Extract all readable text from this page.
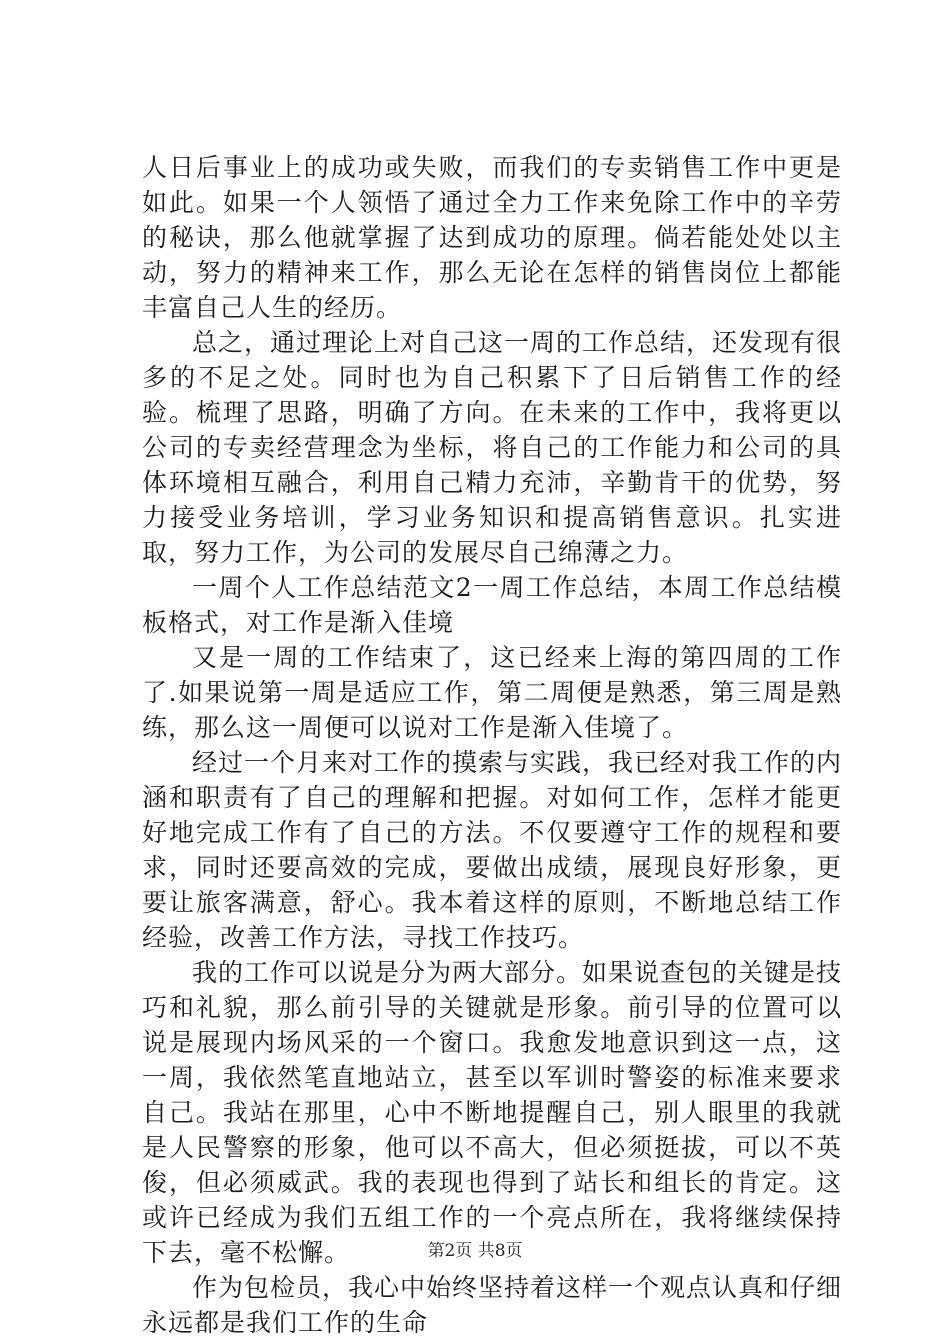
人日后事业上的成功或失败，而我们的专卖销售工作中更是如此。如果一个人领悟了通过全力工作来免除工作中的辛劳的秘诀，那么他就掌握了达到成功的原理。倘若能处处以主动，努力的精神来工作，那么无论在怎样的销售岗位上都能丰富自己人生的经历。

总之，通过理论上对自己这一周的工作总结，还发现有很多的不足之处。同时也为自己积累下了日后销售工作的经验。梳理了思路，明确了方向。在未来的工作中，我将更以公司的专卖经营理念为坐标，将自己的工作能力和公司的具体环境相互融合，利用自己精力充沛，辛勤肯干的优势，努力接受业务培训，学习业务知识和提高销售意识。扎实进取，努力工作，为公司的发展尽自己绵薄之力。

一周个人工作总结范文2一周工作总结，本周工作总结模板格式，对工作是渐入佳境

又是一周的工作结束了，这已经来上海的第四周的工作了.如果说第一周是适应工作，第二周便是熟悉，第三周是熟练，那么这一周便可以说对工作是渐入佳境了。

经过一个月来对工作的摸索与实践，我已经对我工作的内涵和职责有了自己的理解和把握。对如何工作，怎样才能更好地完成工作有了自己的方法。不仅要遵守工作的规程和要求，同时还要高效的完成，要做出成绩，展现良好形象，更要让旅客满意，舒心。我本着这样的原则，不断地总结工作经验，改善工作方法，寻找工作技巧。

我的工作可以说是分为两大部分。如果说查包的关键是技巧和礼貌，那么前引导的关键就是形象。前引导的位置可以说是展现内场风采的一个窗口。我愈发地意识到这一点，这一周，我依然笔直地站立，甚至以军训时警姿的标准来要求自己。我站在那里，心中不断地提醒自己，别人眼里的我就是人民警察的形象，他可以不高大，但必须挺拔，可以不英俊，但必须威武。我的表现也得到了站长和组长的肯定。这或许已经成为我们五组工作的一个亮点所在，我将继续保持下去，毫不松懈。

作为包检员，我心中始终坚持着这样一个观点认真和仔细永远都是我们工作的生命

第2页 共8页
